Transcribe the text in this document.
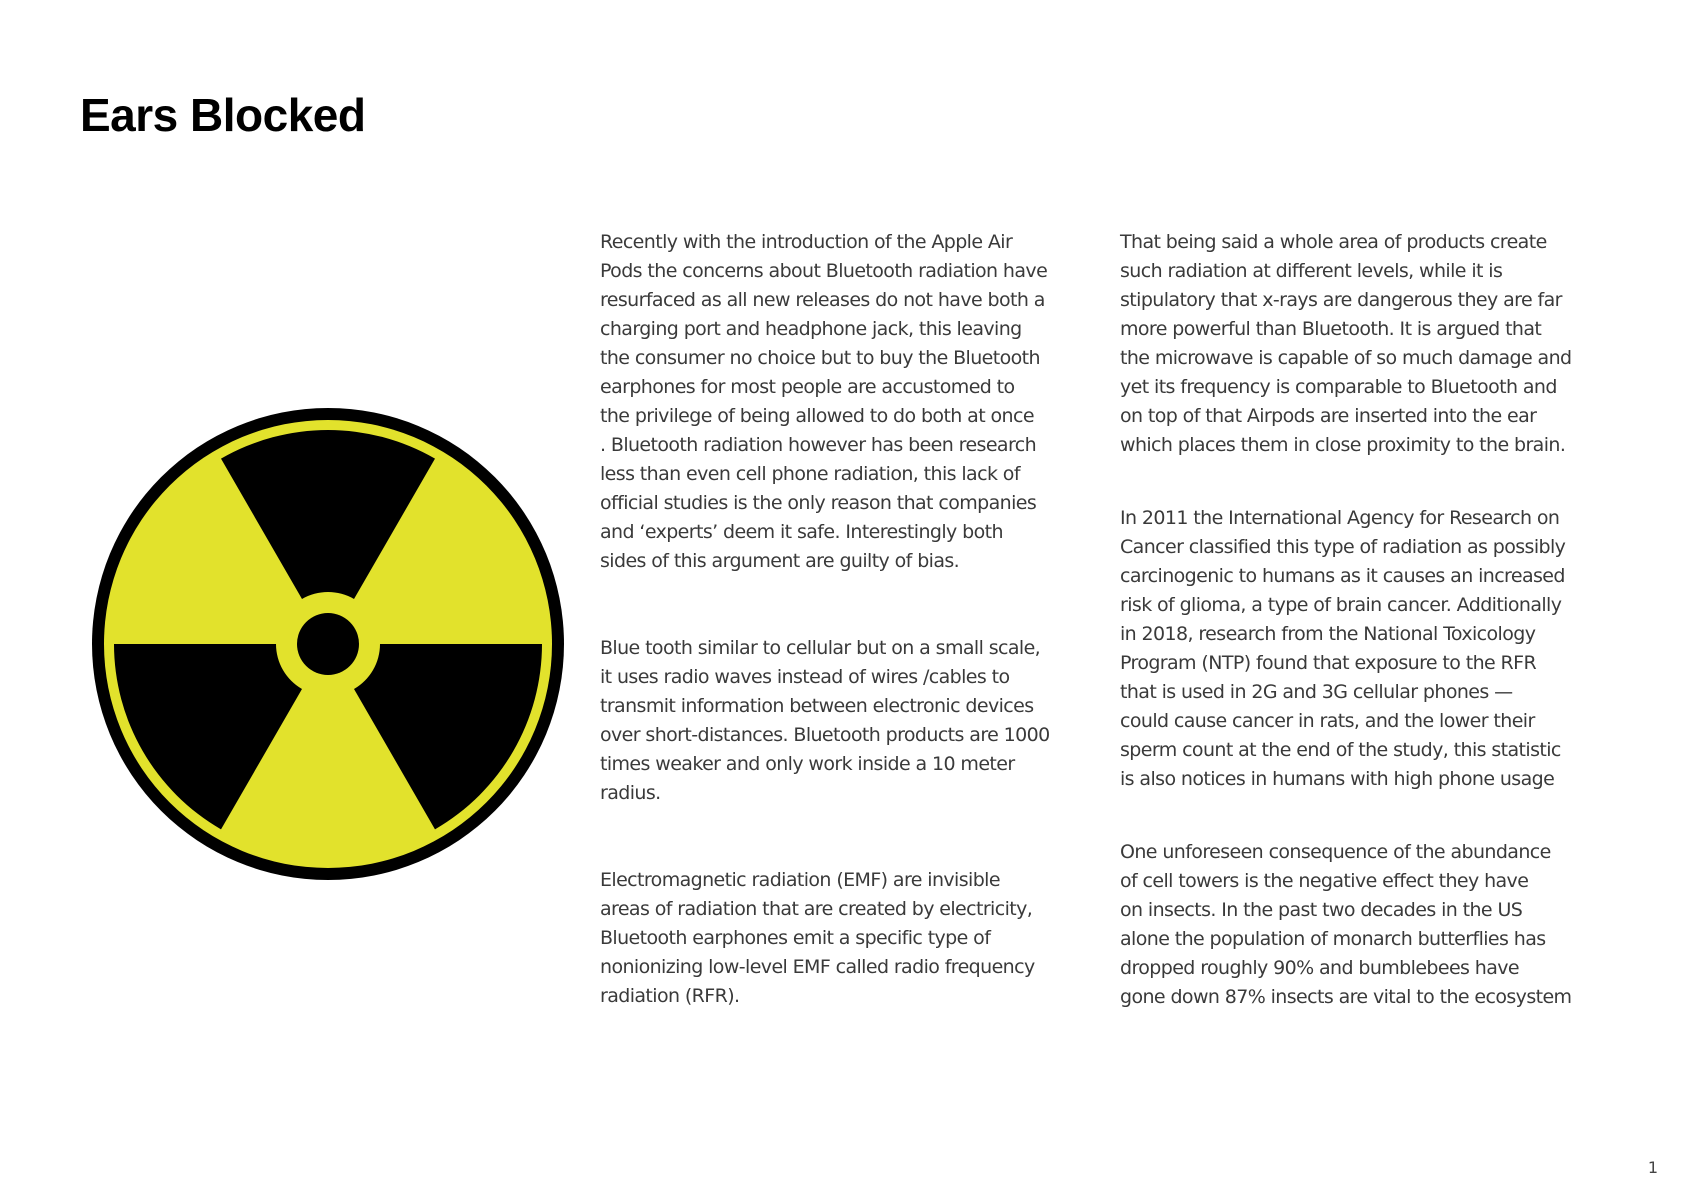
Ears Blocked

Recently with the introduction of the Apple Air
Pods the concerns about Bluetooth radiation have
resurfaced as all new releases do not have both a
charging port and headphone jack, this leaving
the consumer no choice but to buy the Bluetooth
earphones for most people are accustomed to
the privilege of being allowed to do both at once
. Bluetooth radiation however has been research
less than even cell phone radiation, this lack of
official studies is the only reason that companies
and ‘experts’ deem it safe. Interestingly both
sides of this argument are guilty of bias.

Blue tooth similar to cellular but on a small scale,
it uses radio waves instead of wires /cables to
transmit information between electronic devices
over short-distances. Bluetooth products are 1000
times weaker and only work inside a 10 meter
radius.

Electromagnetic radiation (EMF) are invisible
areas of radiation that are created by electricity,
Bluetooth earphones emit a specific type of
nonionizing low-level EMF called radio frequency
radiation (RFR).

That being said a whole area of products create
such radiation at different levels, while it is
stipulatory that x-rays are dangerous they are far
more powerful than Bluetooth. It is argued that
the microwave is capable of so much damage and
yet its frequency is comparable to Bluetooth and
on top of that Airpods are inserted into the ear
which places them in close proximity to the brain.

In 2011 the International Agency for Research on
Cancer classified this type of radiation as possibly
carcinogenic to humans as it causes an increased
risk of glioma, a type of brain cancer. Additionally
in 2018, research from the National Toxicology
Program (NTP) found that exposure to the RFR
that is used in 2G and 3G cellular phones —
could cause cancer in rats, and the lower their
sperm count at the end of the study, this statistic
is also notices in humans with high phone usage

One unforeseen consequence of the abundance
of cell towers is the negative effect they have
on insects. In the past two decades in the US
alone the population of monarch butterflies has
dropped roughly 90% and bumblebees have
gone down 87% insects are vital to the ecosystem

1
